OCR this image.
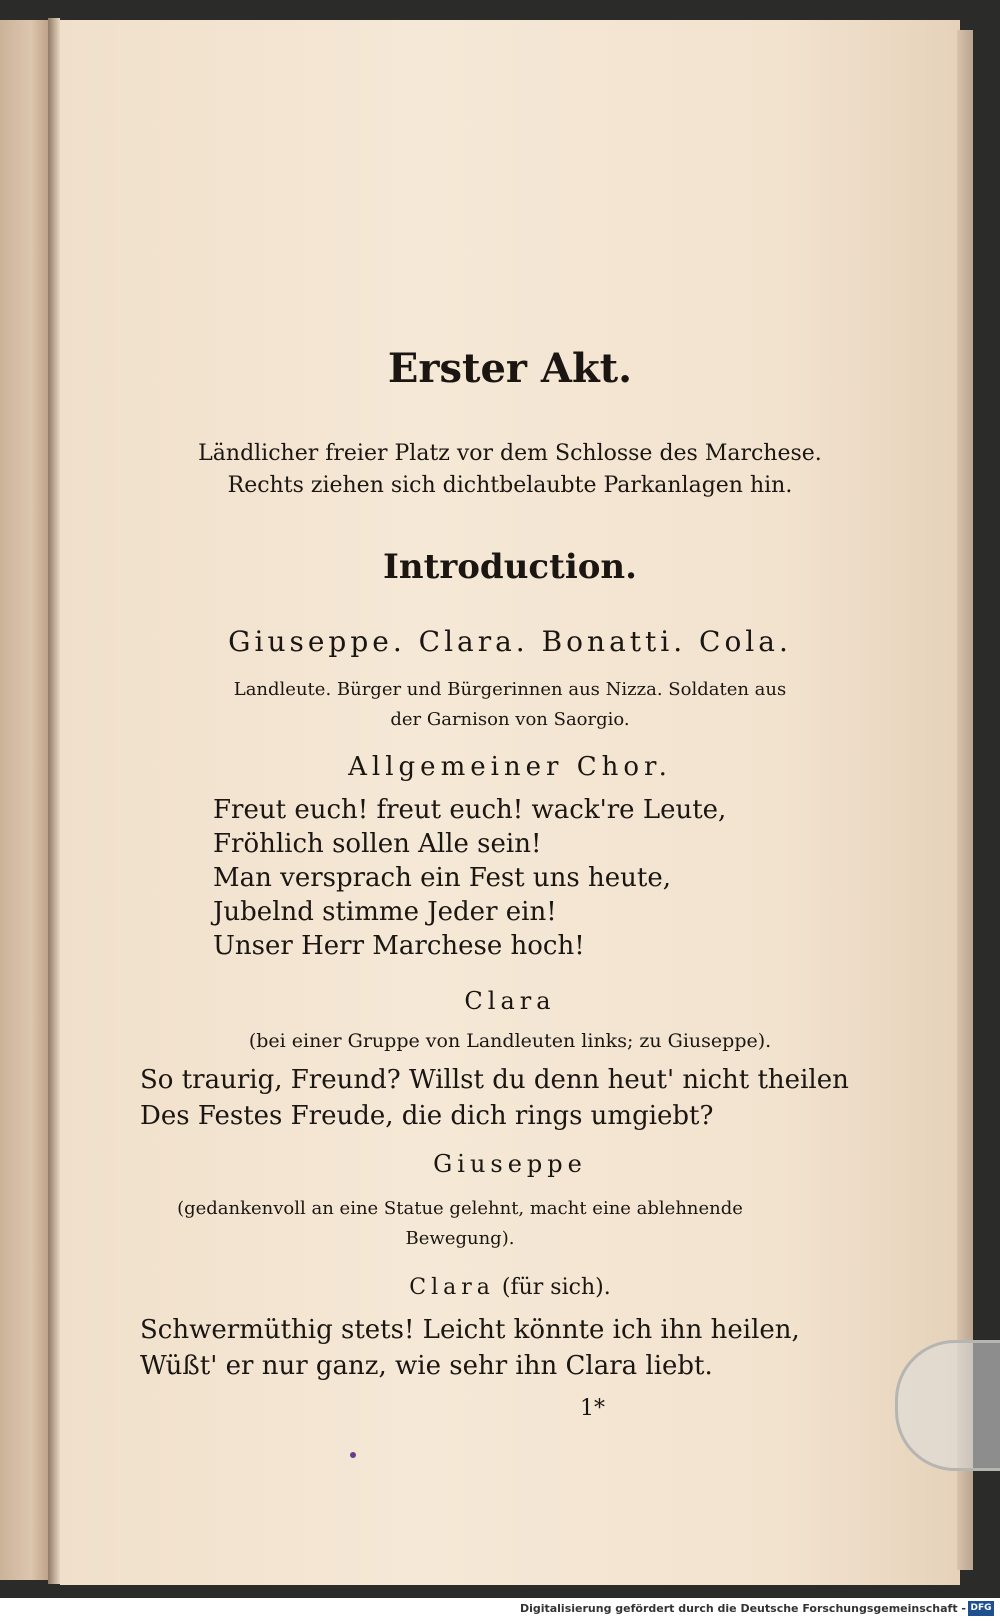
Erster Akt.
Ländlicher freier Platz vor dem Schlosse des Marchese.
Rechts ziehen sich dichtbelaubte Parkanlagen hin.
Introduction.
Giuseppe. Clara. Bonatti. Cola.
Landleute. Bürger und Bürgerinnen aus Nizza. Soldaten aus
der Garnison von Saorgio.
Allgemeiner Chor.
Freut euch! freut euch! wack're Leute,
Fröhlich sollen Alle sein!
Man versprach ein Fest uns heute,
Jubelnd stimme Jeder ein!
Unser Herr Marchese hoch!
Clara
(bei einer Gruppe von Landleuten links; zu Giuseppe).
So traurig, Freund? Willst du denn heut' nicht theilen
Des Festes Freude, die dich rings umgiebt?
Giuseppe
(gedankenvoll an eine Statue gelehnt, macht eine ablehnende Bewegung).
Clara (für sich).
Schwermüthig stets! Leicht könnte ich ihn heilen,
Wüßt' er nur ganz, wie sehr ihn Clara liebt.
1*
Digitalisierung gefördert durch die Deutsche Forschungsgemeinschaft - DFG
